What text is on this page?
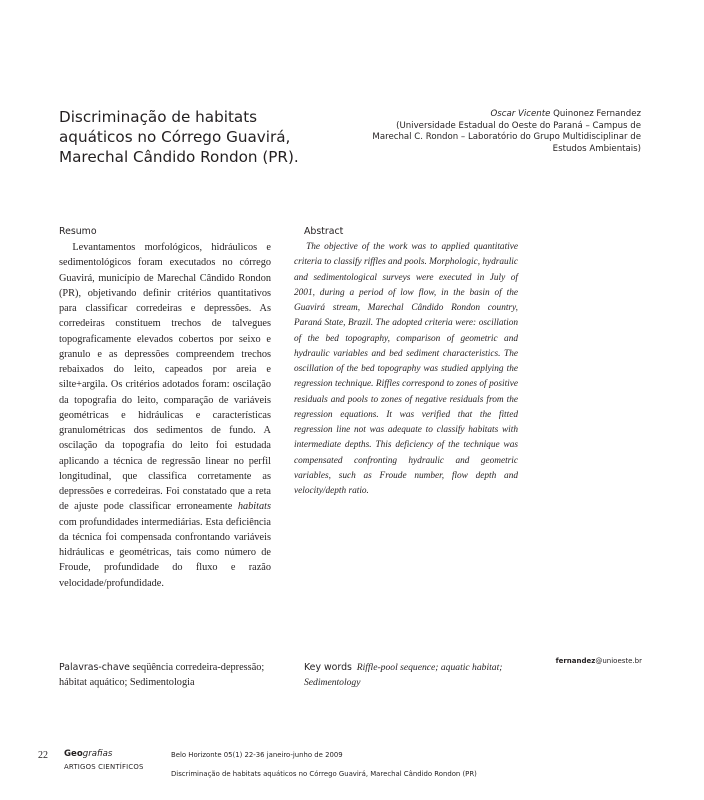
Discriminação de habitats aquáticos no Córrego Guavirá, Marechal Cândido Rondon (PR).
Oscar Vicente Quinonez Fernandez
(Universidade Estadual do Oeste do Paraná – Campus de Marechal C. Rondon – Laboratório do Grupo Multidisciplinar de Estudos Ambientais)
Resumo	Abstract

Levantamentos morfológicos, hidráulicos e sedimentológicos foram executados no córrego Guavirá, município de Marechal Cândido Rondon (PR), objetivando definir critérios quantitativos para classificar corredeiras e depressões. As corredeiras constituem trechos de talvegues topograficamente elevados cobertos por seixo e granulo e as depressões compreendem trechos rebaixados do leito, capeados por areia e silte+argila. Os critérios adotados foram: oscilação da topografia do leito, comparação de variáveis geométricas e hidráulicas e características granulométricas dos sedimentos de fundo. A oscilação da topografia do leito foi estudada aplicando a técnica de regressão linear no perfil longitudinal, que classifica corretamente as depressões e corredeiras. Foi constatado que a reta de ajuste pode classificar erroneamente habitats com profundidades intermediárias. Esta deficiência da técnica foi compensada confrontando variáveis hidráulicas e geométricas, tais como número de Froude, profundidade do fluxo e razão velocidade/profundidade.

The objective of the work was to applied quantitative criteria to classify riffles and pools. Morphologic, hydraulic and sedimentological surveys were executed in July of 2001, during a period of low flow, in the basin of the Guavirá stream, Marechal Cândido Rondon country, Paraná State, Brazil. The adopted criteria were: oscillation of the bed topography, comparison of geometric and hydraulic variables and bed sediment characteristics. The oscillation of the bed topography was studied applying the regression technique. Riffles correspond to zones of positive residuals and pools to zones of negative residuals from the regression equations. It was verified that the fitted regression line not was adequate to classify habitats with intermediate depths. This deficiency of the technique was compensated confronting hydraulic and geometric variables, such as Froude number, flow depth and velocity/depth ratio.

Palavras-chave seqüência corredeira-depressão; hábitat aquático; Sedimentologia
Key words Riffle-pool sequence; aquatic habitat; Sedimentology
fernandez@unioeste.br
22 Geografias
ARTIGOS CIENTÍFICOS
Belo Horizonte 05(1) 22-36 janeiro-junho de 2009
Discriminação de habitats aquáticos no Córrego Guavirá, Marechal Cândido Rondon (PR)
